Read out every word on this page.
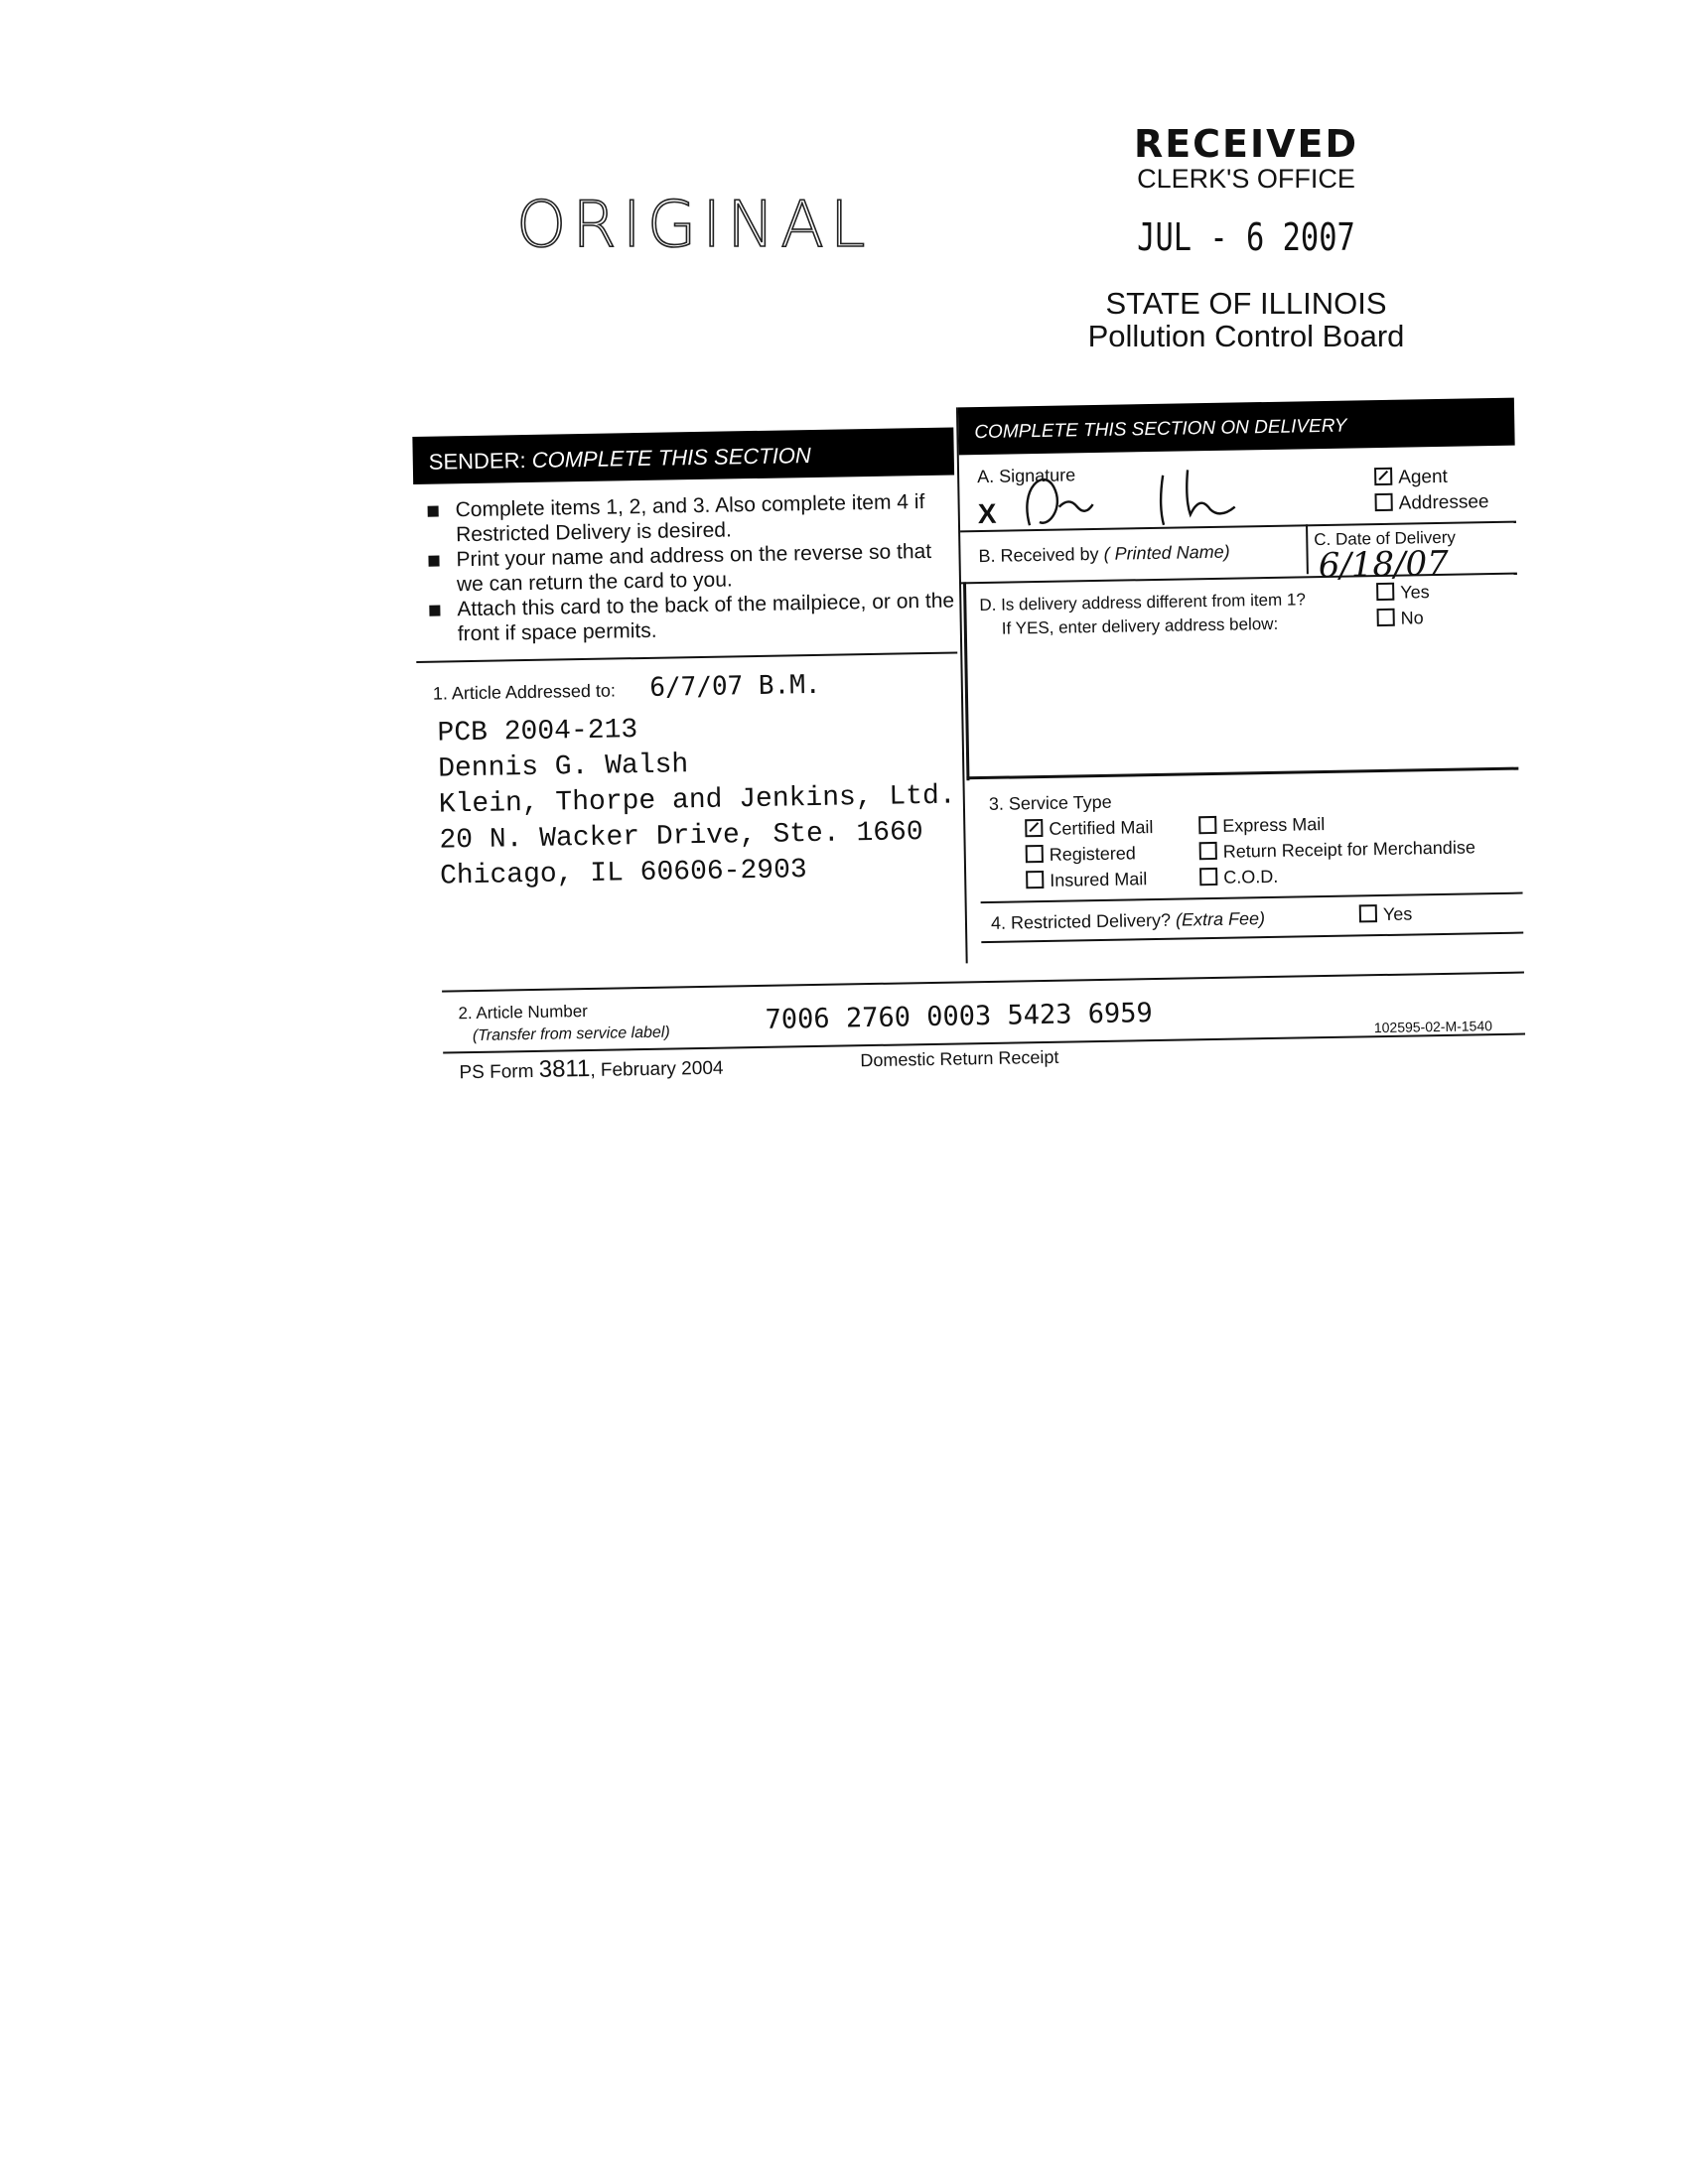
ORIGINAL
RECEIVED
CLERK'S OFFICE
JUL - 6 2007
STATE OF ILLINOIS
Pollution Control Board
SENDER: COMPLETE THIS SECTION
Complete items 1, 2, and 3. Also complete item 4 if Restricted Delivery is desired.
Print your name and address on the reverse so that we can return the card to you.
Attach this card to the back of the mailpiece, or on the front if space permits.
1. Article Addressed to: 6/7/07 B.M.
PCB 2004-213
Dennis G. Walsh
Klein, Thorpe and Jenkins, Ltd.
20 N. Wacker Drive, Ste. 1660
Chicago, IL 60606-2903
COMPLETE THIS SECTION ON DELIVERY
A. Signature
X
Agent
Addressee
B. Received by ( Printed Name)
C. Date of Delivery
6/18/07
D. Is delivery address different from item 1?
If YES, enter delivery address below:
Yes
No
3. Service Type
Certified Mail
Registered
Insured Mail
Express Mail
Return Receipt for Merchandise
C.O.D.
4. Restricted Delivery? (Extra Fee)	Yes
2. Article Number
(Transfer from service label)	7006 2760 0003 5423 6959
PS Form 3811, February 2004	Domestic Return Receipt
102595-02-M-1540
